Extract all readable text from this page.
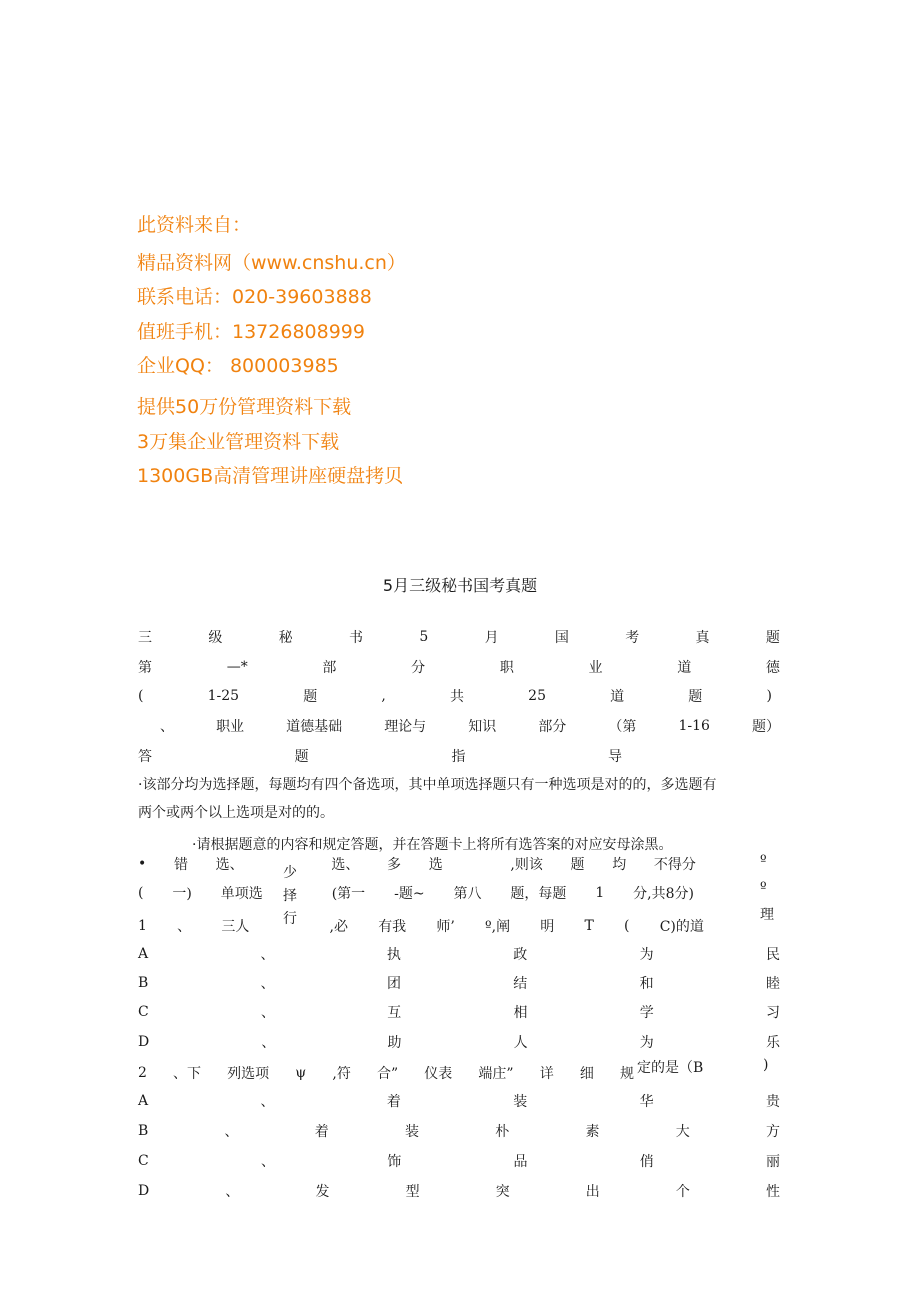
此资料来自：
精品资料网（www.cnshu.cn）
联系电话：020-39603888
值班手机：13726808999
企业QQ： 800003985
提供50万份管理资料下载
3万集企业管理资料下载
1300GB高清管理讲座硬盘拷贝
5月三级秘书国考真题
三	级	秘	书	5	月	国	考	真	题
第	—*	部	分	职	业	道	德
(	1-25	题	,	共	25	道	题	)
、	职业	道德基础	理论与	知识	部分	（第	1-16	题）
答	题	指	导
·该部分均为选择题，每题均有四个备选项，其中单项选择题只有一种选项是对的的，多选题有
两个或两个以上选项是对的的。
·请根据题意的内容和规定答题，并在答题卡上将所有选答案的对应安母涂黑。
• 错 选、	选、 多 选	,则该 题 均 不得分
少
择
行
º
º
理
( 一) 单项选	(第一 -题~ 第八 题，每题 1 分,共8分)
1 、 三人	,必 有我 师’ º,阐 明 T ( C)的道
A	、	执	政	为	民
B	、	团	结	和	睦
C	、	互	相	学	习
D	、	助	人	为	乐
2 、下 列选项 ψ ,符 合” 仪表 端庄” 详 细 规 定的是（B	)
A	、	着	装	华	贵
B	、	着	装	朴	素	大	方
C	、	饰	品	俏	丽
D	、	发	型	突	出	个	性
